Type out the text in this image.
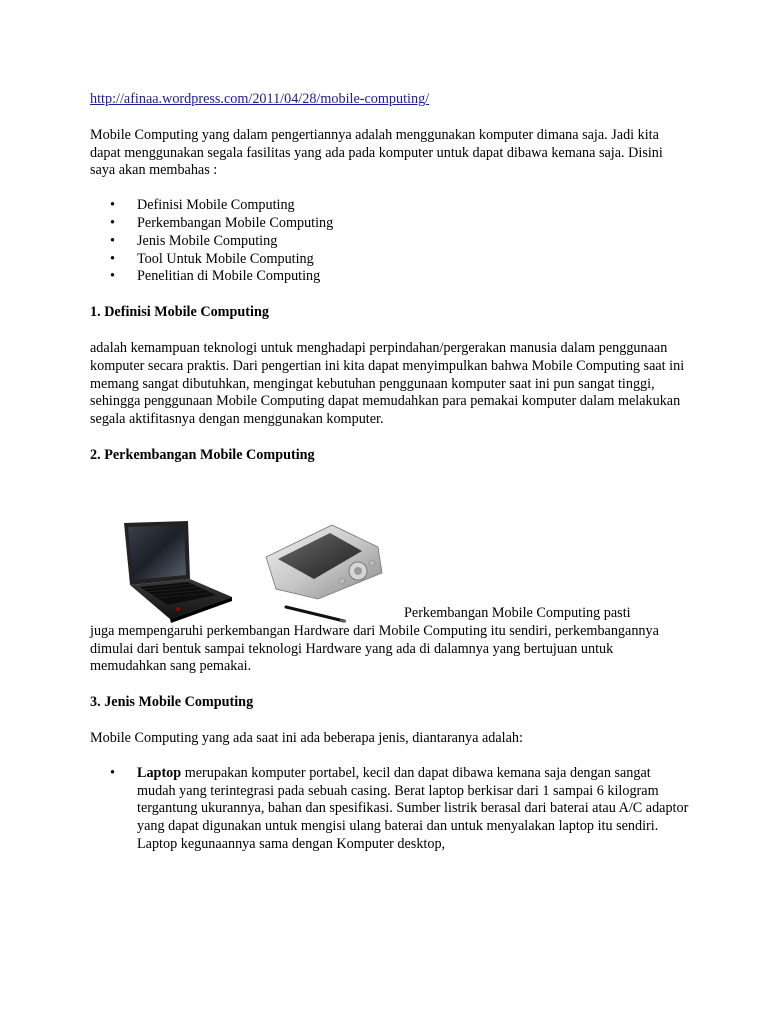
http://afinaa.wordpress.com/2011/04/28/mobile-computing/

Mobile Computing yang dalam pengertiannya adalah menggunakan komputer dimana saja. Jadi kita dapat menggunakan segala fasilitas yang ada pada komputer untuk dapat dibawa kemana saja. Disini saya akan membahas :

• Definisi Mobile Computing
• Perkembangan Mobile Computing
• Jenis Mobile Computing
• Tool Untuk Mobile Computing
• Penelitian di Mobile Computing
1. Definisi Mobile Computing

adalah kemampuan teknologi untuk menghadapi perpindahan/pergerakan manusia dalam penggunaan komputer secara praktis. Dari pengertian ini kita dapat menyimpulkan bahwa Mobile Computing saat ini memang sangat dibutuhkan, mengingat kebutuhan penggunaan komputer saat ini pun sangat tinggi, sehingga penggunaan Mobile Computing dapat memudahkan para pemakai komputer dalam melakukan segala aktifitasnya dengan menggunakan komputer.

2. Perkembangan Mobile Computing
Perkembangan Mobile Computing pasti

juga mempengaruhi perkembangan Hardware dari Mobile Computing itu sendiri, perkembangannya dimulai dari bentuk sampai teknologi Hardware yang ada di dalamnya yang bertujuan untuk memudahkan sang pemakai.

3. Jenis Mobile Computing

Mobile Computing yang ada saat ini ada beberapa jenis, diantaranya adalah:

• Laptop merupakan komputer portabel, kecil dan dapat dibawa kemana saja dengan sangat mudah yang terintegrasi pada sebuah casing. Berat laptop berkisar dari 1 sampai 6 kilogram tergantung ukurannya, bahan dan spesifikasi. Sumber listrik berasal dari baterai atau A/C adaptor yang dapat digunakan untuk mengisi ulang baterai dan untuk menyalakan laptop itu sendiri. Laptop kegunaannya sama dengan Komputer desktop,
